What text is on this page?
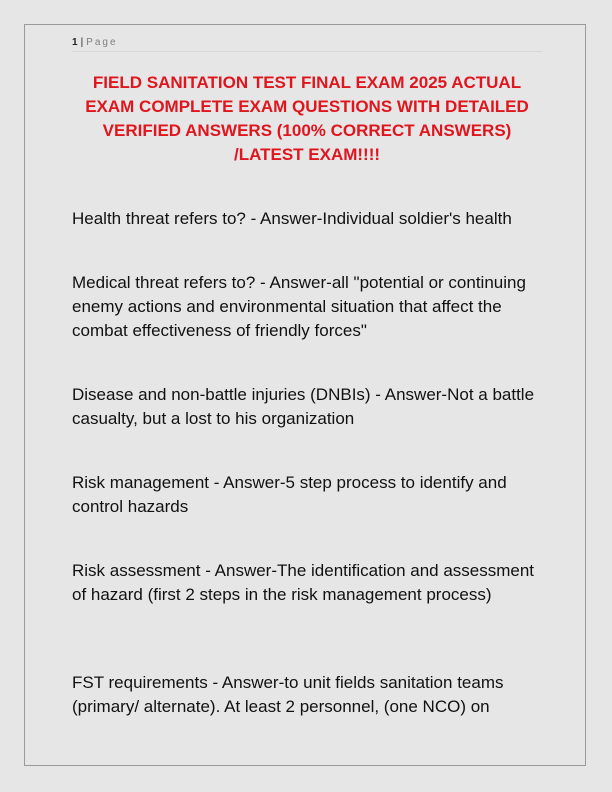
1 | Page
FIELD SANITATION TEST FINAL EXAM 2025 ACTUAL EXAM COMPLETE EXAM QUESTIONS WITH DETAILED VERIFIED ANSWERS (100% CORRECT ANSWERS) /LATEST EXAM!!!!

Health threat refers to? - Answer-Individual soldier's health

Medical threat refers to? - Answer-all "potential or continuing enemy actions and environmental situation that affect the combat effectiveness of friendly forces"

Disease and non-battle injuries (DNBIs) - Answer-Not a battle casualty, but a lost to his organization

Risk management - Answer-5 step process to identify and control hazards

Risk assessment - Answer-The identification and assessment of hazard (first 2 steps in the risk management process)

FST requirements - Answer-to unit fields sanitation teams (primary/ alternate). At least 2 personnel, (one NCO) on
